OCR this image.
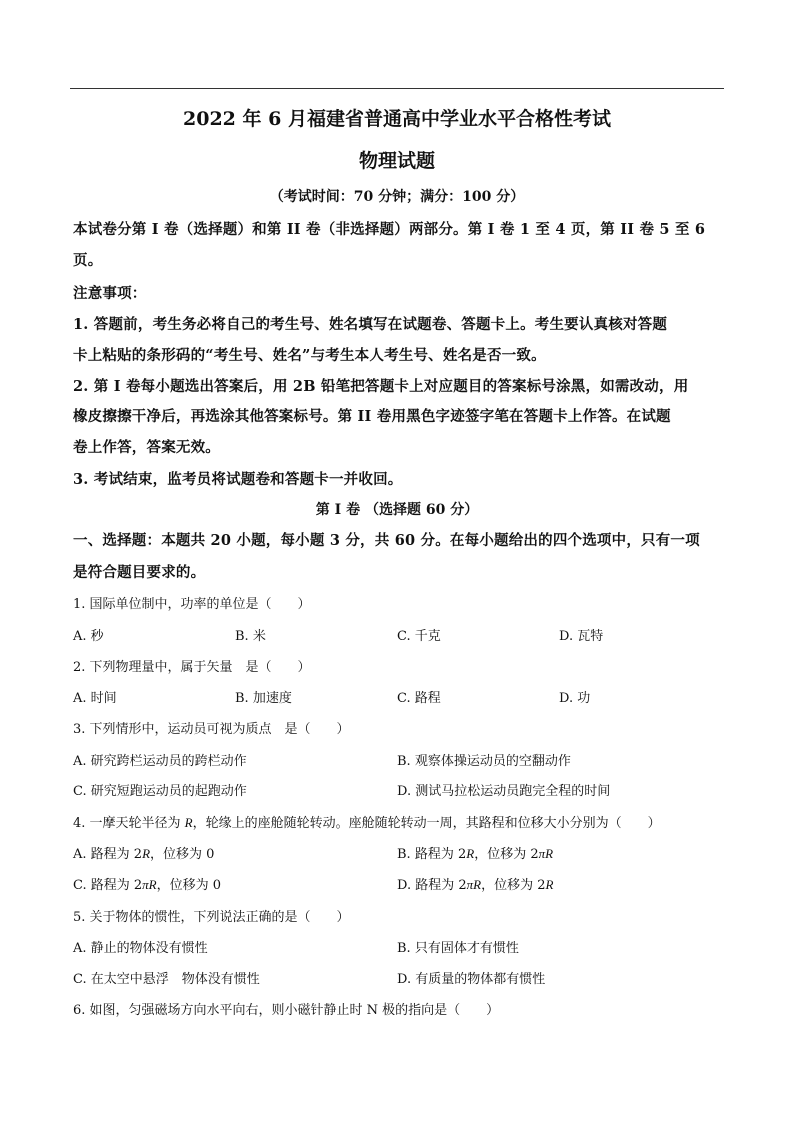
2022 年 6 月福建省普通高中学业水平合格性考试
物理试题
（考试时间：70 分钟；满分：100 分）
本试卷分第 I 卷（选择题）和第 II 卷（非选择题）两部分。第 I 卷 1 至 4 页，第 II 卷 5 至 6
页。
注意事项：
1. 答题前，考生务必将自己的考生号、姓名填写在试题卷、答题卡上。考生要认真核对答题
卡上粘贴的条形码的“考生号、姓名”与考生本人考生号、姓名是否一致。
2. 第 I 卷每小题选出答案后，用 2B 铅笔把答题卡上对应题目的答案标号涂黑，如需改动，用
橡皮擦擦干净后，再选涂其他答案标号。第 II 卷用黑色字迹签字笔在答题卡上作答。在试题
卷上作答，答案无效。
3. 考试结束，监考员将试题卷和答题卡一并收回。
第 I 卷 （选择题 60 分）
一、选择题：本题共 20 小题，每小题 3 分，共 60 分。在每小题给出的四个选项中，只有一项
是符合题目要求的。
1. 国际单位制中，功率的单位是（　　）
A. 秒	B. 米	C. 千克	D. 瓦特
2. 下列物理量中，属于矢量　是（　　）
A. 时间	B. 加速度	C. 路程	D. 功
3. 下列情形中，运动员可视为质点　是（　　）
A. 研究跨栏运动员的跨栏动作	B. 观察体操运动员的空翻动作
C. 研究短跑运动员的起跑动作	D. 测试马拉松运动员跑完全程的时间
4. 一摩天轮半径为 R，轮缘上的座舱随轮转动。座舱随轮转动一周，其路程和位移大小分别为（　　）
A. 路程为 2R，位移为 0	B. 路程为 2R，位移为 2πR
C. 路程为 2πR，位移为 0	D. 路程为 2πR，位移为 2R
5. 关于物体的惯性，下列说法正确的是（　　）
A. 静止的物体没有惯性	B. 只有固体才有惯性
C. 在太空中悬浮　物体没有惯性	D. 有质量的物体都有惯性
6. 如图，匀强磁场方向水平向右，则小磁针静止时 N 极的指向是（　　）
